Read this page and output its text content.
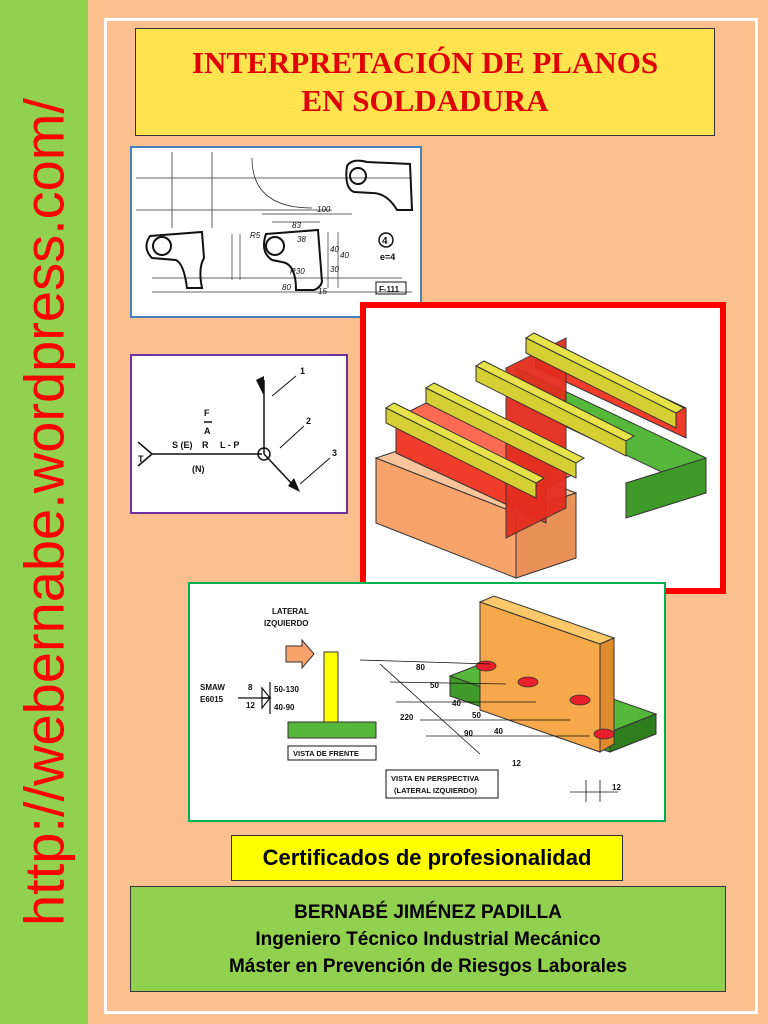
http://webernabe.wordpress.com/
INTERPRETACIÓN DE PLANOS
EN SOLDADURA
100
83
38
40
30
40
80	15
R30
R5
4
e=4
F-111
1
2
3
F
A
T
S (E) R L - P
(N)
LATERAL
IZQUIERDO
SMAW
E6015
8
12
50-130
40-90
VISTA DE FRENTE
80
50
40
50
40
90
220
12
12
VISTA EN PERSPECTIVA
(LATERAL IZQUIERDO)
Certificados de profesionalidad
BERNABÉ JIMÉNEZ PADILLA
Ingeniero Técnico Industrial Mecánico
Máster en Prevención de Riesgos Laborales
